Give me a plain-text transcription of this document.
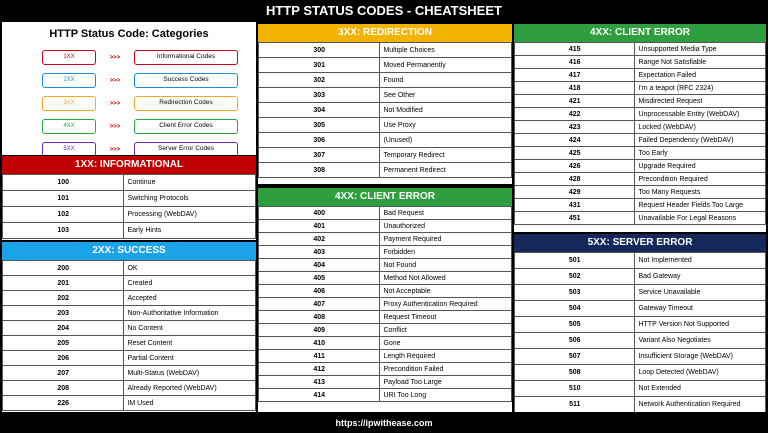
HTTP STATUS CODES - CHEATSHEET
HTTP Status Code: Categories
1XX	>>>	Informational Codes
2XX	>>>	Success Codes
3XX	>>>	Redirection Codes
4XX	>>>	Client Error Codes
5XX	>>>	Server Error Codes
1XX: INFORMATIONAL
100	Continue
101	Switching Protocols
102	Processing (WebDAV)
103	Early Hints
2XX: SUCCESS
200	OK
201	Created
202	Accepted
203	Non-Authoritative Information
204	No Content
205	Reset Content
206	Partial Content
207	Multi-Status (WebDAV)
208	Already Reported (WebDAV)
226	IM Used
3XX: REDIRECTION
300	Multiple Choices
301	Moved Permanently
302	Found
303	See Other
304	Not Modified
305	Use Proxy
306	(Unused)
307	Temporary Redirect
308	Permanent Redirect
4XX: CLIENT ERROR
400	Bad Request
401	Unauthorized
402	Payment Required
403	Forbidden
404	Not Found
405	Method Not Allowed
406	Not Acceptable
407	Proxy Authentication Required
408	Request Timeout
409	Conflict
410	Gone
411	Length Required
412	Precondition Failed
413	Payload Too Large
414	URI Too Long
4XX: CLIENT ERROR
415	Unsupported Media Type
416	Range Not Satisfiable
417	Expectation Failed
418	I'm a teapot (RFC 2324)
421	Misdirected Request
422	Unprocessable Entity (WebDAV)
423	Locked (WebDAV)
424	Failed Dependency (WebDAV)
425	Too Early
426	Upgrade Required
428	Precondition Required
429	Too Many Requests
431	Request Header Fields Too Large
451	Unavailable For Legal Reasons
5XX: SERVER ERROR
501	Not Implemented
502	Bad Gateway
503	Service Unavailable
504	Gateway Timeout
505	HTTP Version Not Supported
506	Variant Also Negotiates
507	Insufficient Storage (WebDAV)
508	Loop Detected (WebDAV)
510	Not Extended
511	Network Authentication Required
https://ipwithease.com
